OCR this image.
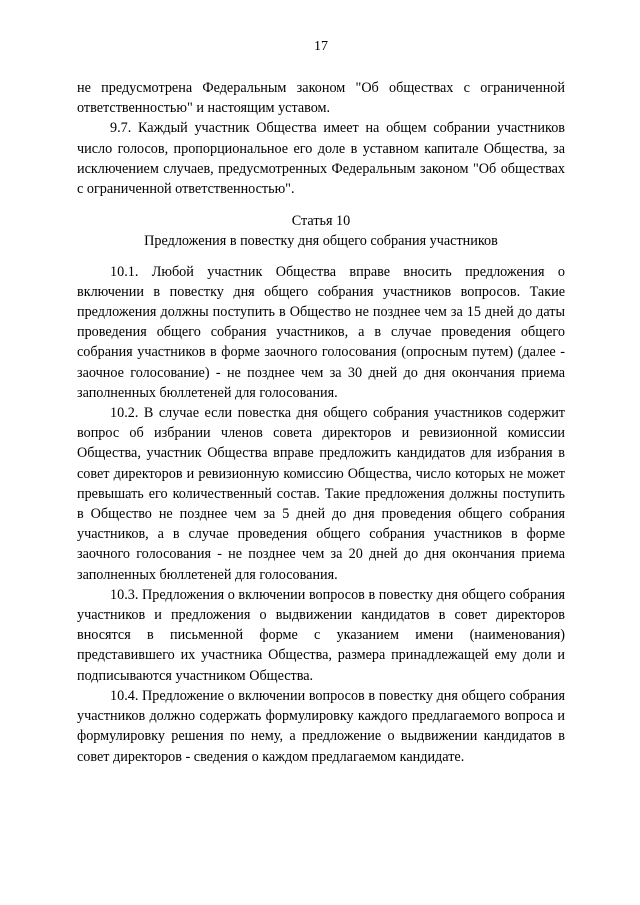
17

не предусмотрена Федеральным законом "Об обществах с ограниченной ответственностью" и настоящим уставом.

9.7. Каждый участник Общества имеет на общем собрании участников число голосов, пропорциональное его доле в уставном капитале Общества, за исключением случаев, предусмотренных Федеральным законом "Об обществах с ограниченной ответственностью".

Статья 10
Предложения в повестку дня общего собрания участников

10.1. Любой участник Общества вправе вносить предложения о включении в повестку дня общего собрания участников вопросов. Такие предложения должны поступить в Общество не позднее чем за 15 дней до даты проведения общего собрания участников, а в случае проведения общего собрания участников в форме заочного голосования (опросным путем) (далее - заочное голосование) - не позднее чем за 30 дней до дня окончания приема заполненных бюллетеней для голосования.

10.2. В случае если повестка дня общего собрания участников содержит вопрос об избрании членов совета директоров и ревизионной комиссии Общества, участник Общества вправе предложить кандидатов для избрания в совет директоров и ревизионную комиссию Общества, число которых не может превышать его количественный состав. Такие предложения должны поступить в Общество не позднее чем за 5 дней до дня проведения общего собрания участников, а в случае проведения общего собрания участников в форме заочного голосования - не позднее чем за 20 дней до дня окончания приема заполненных бюллетеней для голосования.

10.3. Предложения о включении вопросов в повестку дня общего собрания участников и предложения о выдвижении кандидатов в совет директоров вносятся в письменной форме с указанием имени (наименования) представившего их участника Общества, размера принадлежащей ему доли и подписываются участником Общества.

10.4. Предложение о включении вопросов в повестку дня общего собрания участников должно содержать формулировку каждого предлагаемого вопроса и формулировку решения по нему, а предложение о выдвижении кандидатов в совет директоров - сведения о каждом предлагаемом кандидате.
